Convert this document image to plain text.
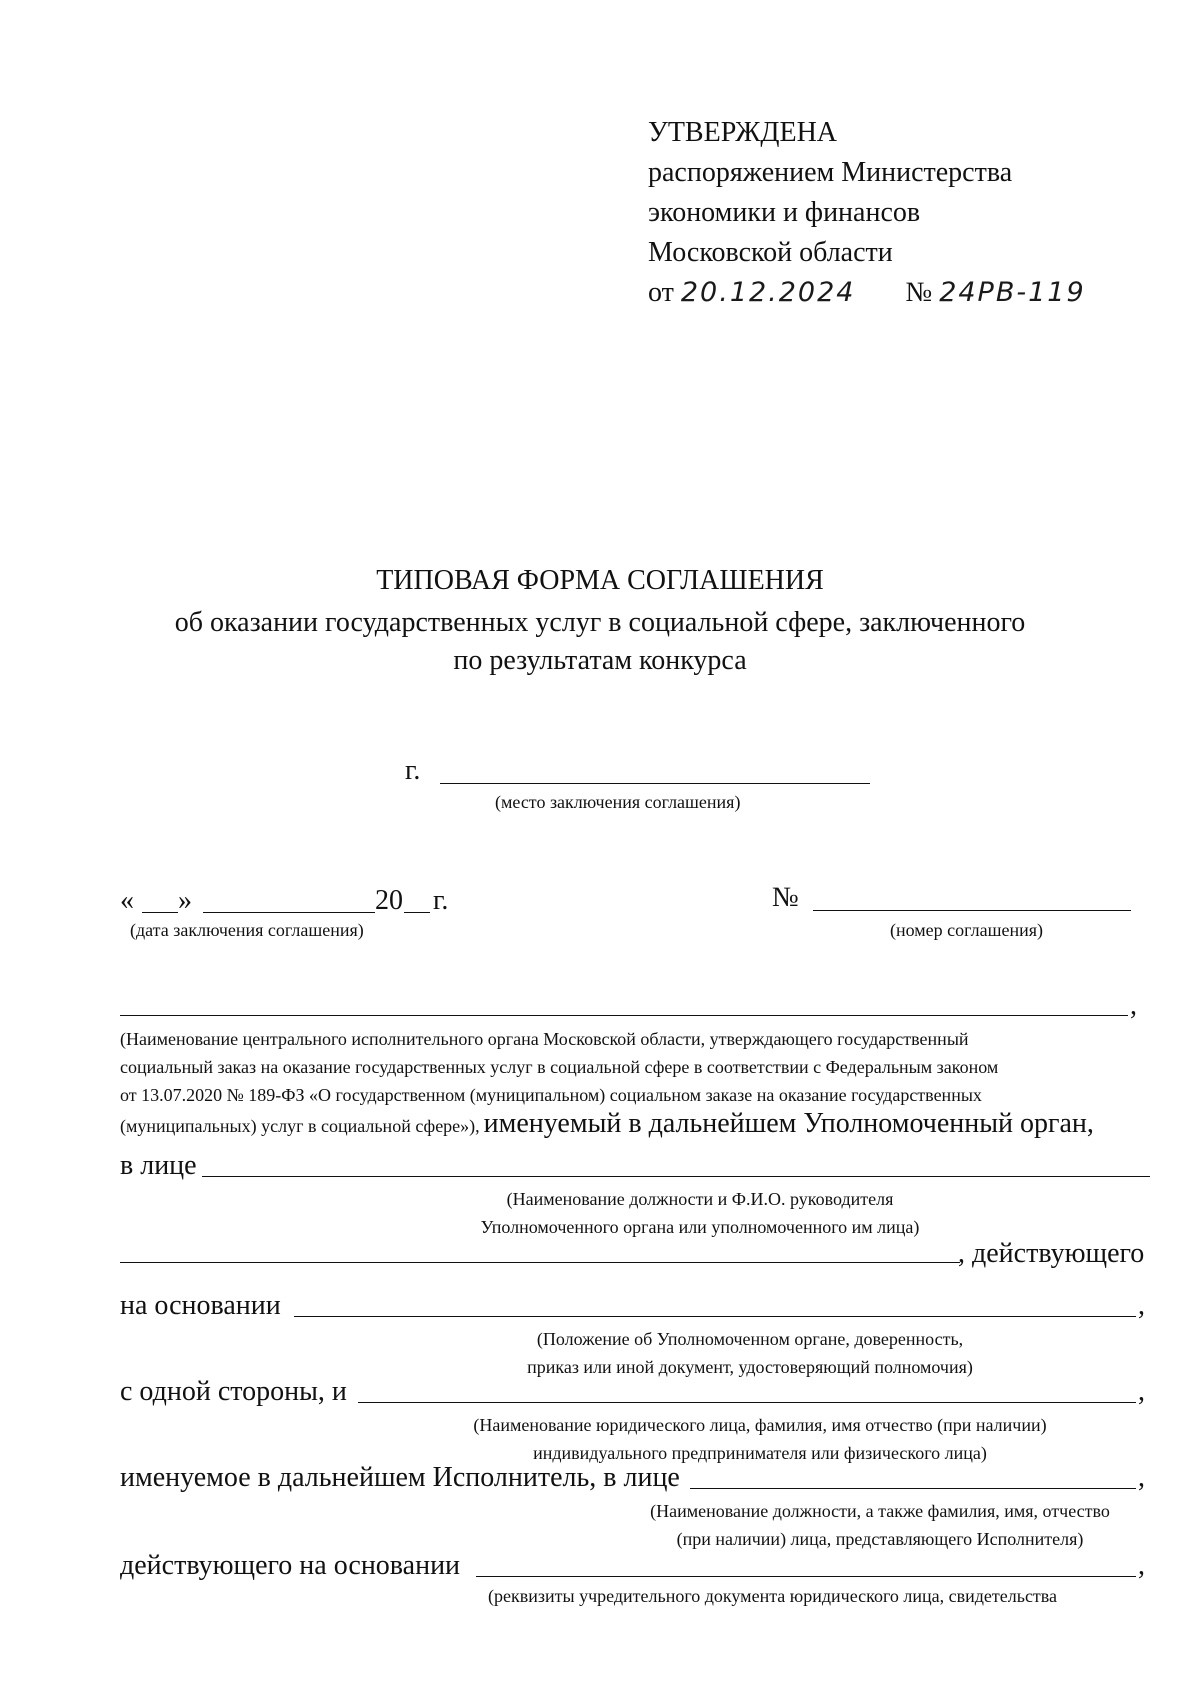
УТВЕРЖДЕНА
распоряжением Министерства
экономики и финансов
Московской области
от 20.12.2024 № 24РВ-119
ТИПОВАЯ ФОРМА СОГЛАШЕНИЯ
об оказании государственных услуг в социальной сфере, заключенного
по результатам конкурса
г.
(место заключения соглашения)
« »	20 г.
(дата заключения соглашения)
№
(номер соглашения)
,
(Наименование центрального исполнительного органа Московской области, утверждающего государственный
социальный заказ на оказание государственных услуг в социальной сфере в соответствии с Федеральным законом
от 13.07.2020 № 189-ФЗ «О государственном (муниципальном) социальном заказе на оказание государственных
(муниципальных) услуг в социальной сфере»), именуемый в дальнейшем Уполномоченный орган,
в лице
(Наименование должности и Ф.И.О. руководителя
Уполномоченного органа или уполномоченного им лица)
, действующего
на основании	,
(Положение об Уполномоченном органе, доверенность,
приказ или иной документ, удостоверяющий полномочия)
с одной стороны, и	,
(Наименование юридического лица, фамилия, имя отчество (при наличии)
индивидуального предпринимателя или физического лица)
именуемое в дальнейшем Исполнитель, в лице	,
(Наименование должности, а также фамилия, имя, отчество
(при наличии) лица, представляющего Исполнителя)
действующего на основании	,
(реквизиты учредительного документа юридического лица, свидетельства
